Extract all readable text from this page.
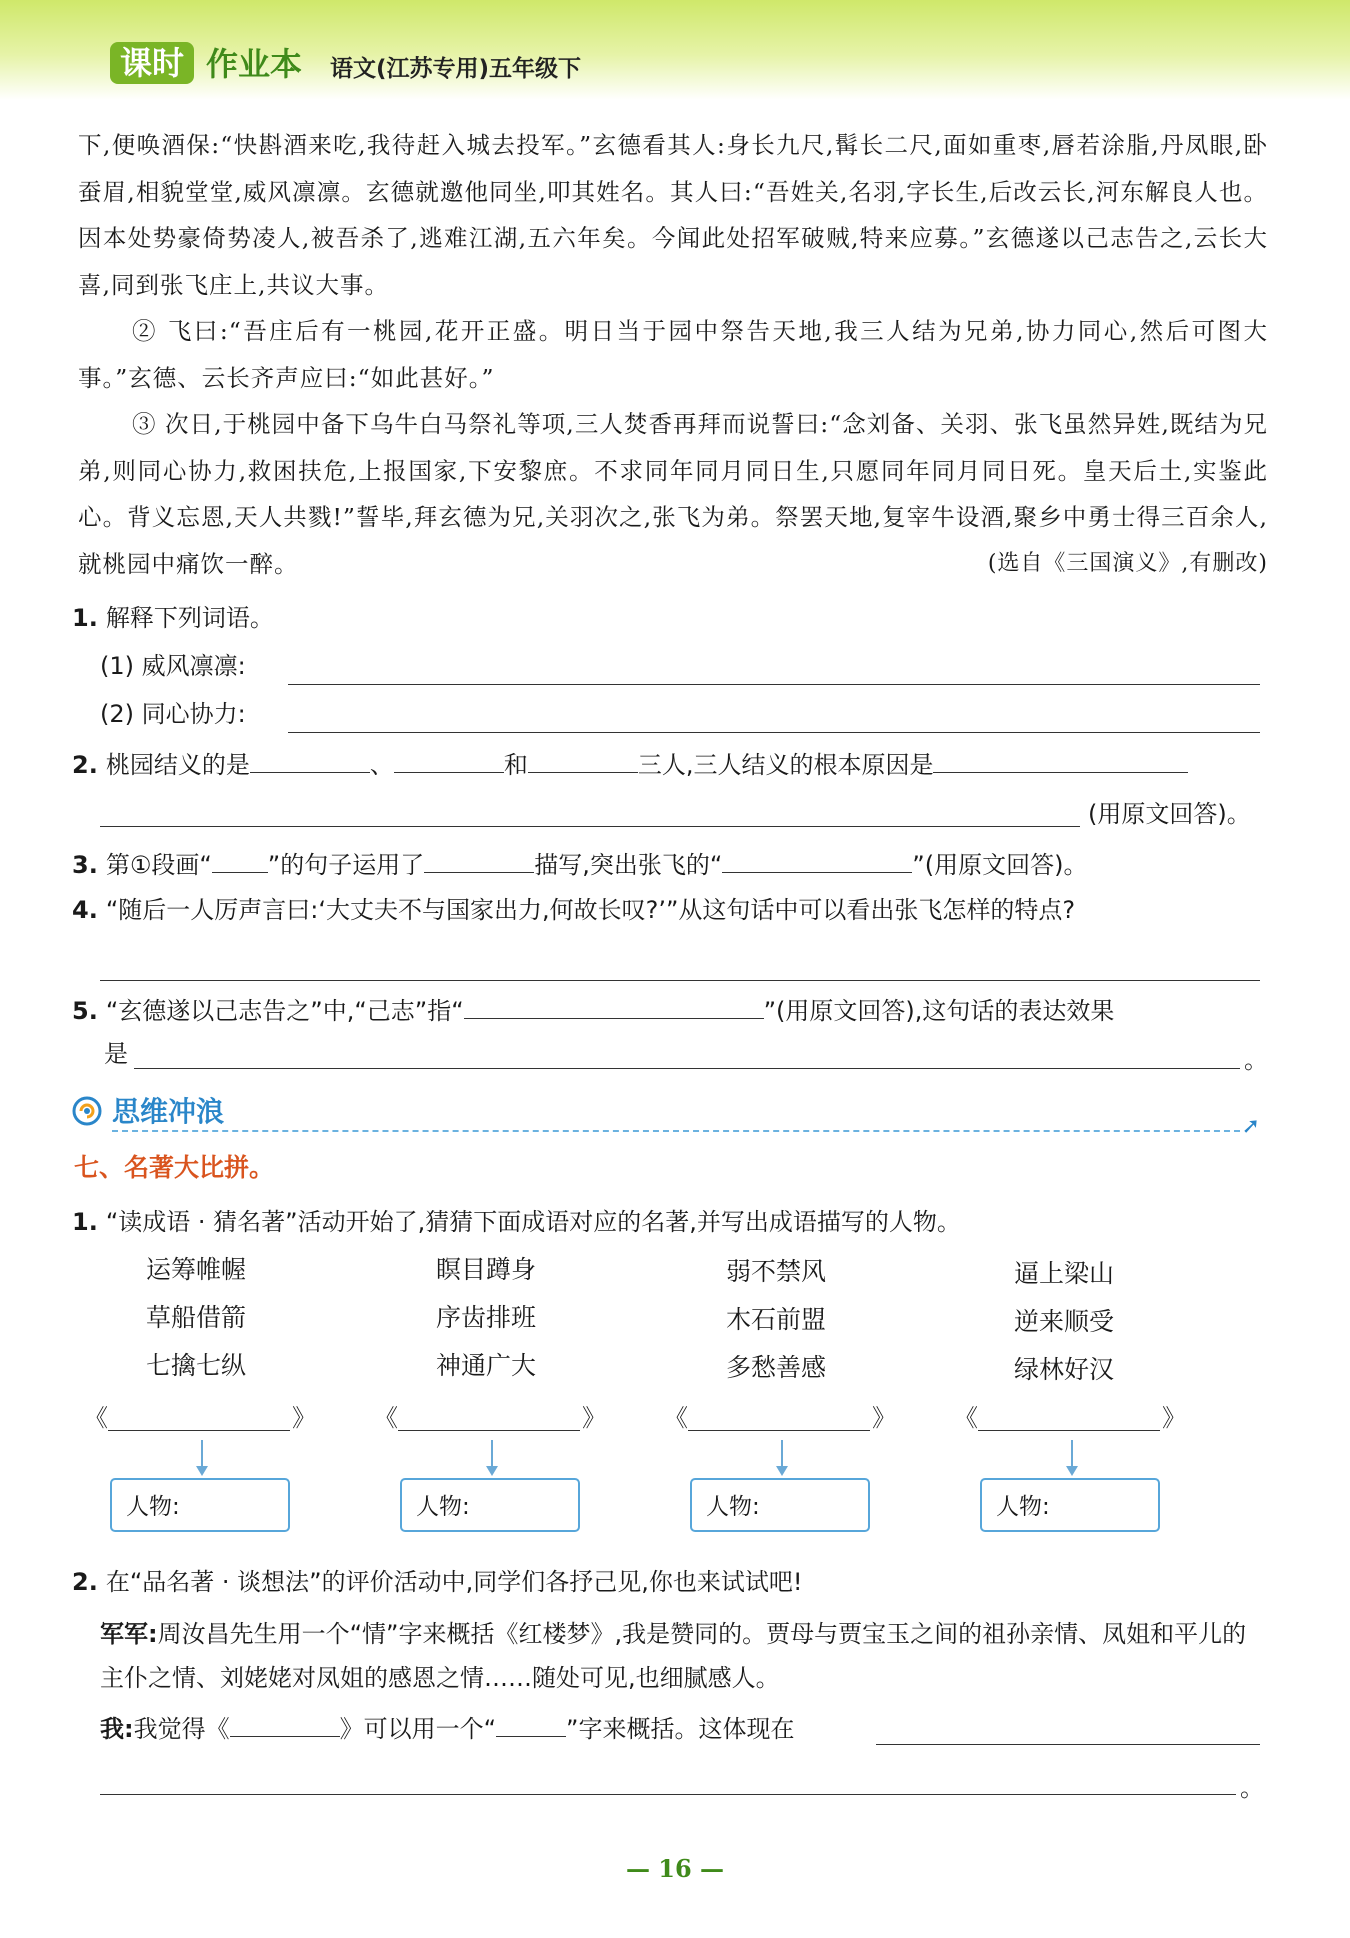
课时 作业本 语文(江苏专用)五年级下

下,便唤酒保:“快斟酒来吃,我待赶入城去投军。”玄德看其人:身长九尺,髯长二尺,面如重枣,唇若涂脂,丹凤眼,卧蚕眉,相貌堂堂,威风凛凛。玄德就邀他同坐,叩其姓名。其人曰:“吾姓关,名羽,字长生,后改云长,河东解良人也。因本处势豪倚势凌人,被吾杀了,逃难江湖,五六年矣。今闻此处招军破贼,特来应募。”玄德遂以己志告之,云长大喜,同到张飞庄上,共议大事。

② 飞曰:“吾庄后有一桃园,花开正盛。明日当于园中祭告天地,我三人结为兄弟,协力同心,然后可图大事。”玄德、云长齐声应曰:“如此甚好。”

③ 次日,于桃园中备下乌牛白马祭礼等项,三人焚香再拜而说誓曰:“念刘备、关羽、张飞虽然异姓,既结为兄弟,则同心协力,救困扶危,上报国家,下安黎庶。不求同年同月同日生,只愿同年同月同日死。皇天后土,实鉴此心。背义忘恩,天人共戮!”誓毕,拜玄德为兄,关羽次之,张飞为弟。祭罢天地,复宰牛设酒,聚乡中勇士得三百余人,就桃园中痛饮一醉。	(选自《三国演义》,有删改)

1. 解释下列词语。
(1) 威风凛凛:
(2) 同心协力:
2. 桃园结义的是	、	和	三人,三人结义的根本原因是
(用原文回答)。
3. 第①段画“ ”的句子运用了	描写,突出张飞的“	”(用原文回答)。
4. “随后一人厉声言曰:‘大丈夫不与国家出力,何故长叹?’”从这句话中可以看出张飞怎样的特点?
5. “玄德遂以己志告之”中,“己志”指“	”(用原文回答),这句话的表达效果
是	。
思维冲浪	➚
七、名著大比拼。
1. “读成语 · 猜名著”活动开始了,猜猜下面成语对应的名著,并写出成语描写的人物。
运筹帷幄
草船借箭
七擒七纵
瞑目蹲身
序齿排班
神通广大
弱不禁风
木石前盟
多愁善感
逼上梁山
逆来顺受
绿林好汉
《	》 《	》 《	》 《	》
人物:	人物:	人物:	人物:
2. 在“品名著 · 谈想法”的评价活动中,同学们各抒己见,你也来试试吧!
军军:周汝昌先生用一个“情”字来概括《红楼梦》,我是赞同的。贾母与贾宝玉之间的祖孙亲情、凤姐和平儿的主仆之情、刘姥姥对凤姐的感恩之情……随处可见,也细腻感人。
我:我觉得《	》可以用一个“	”字来概括。这体现在
。
— 16 —
